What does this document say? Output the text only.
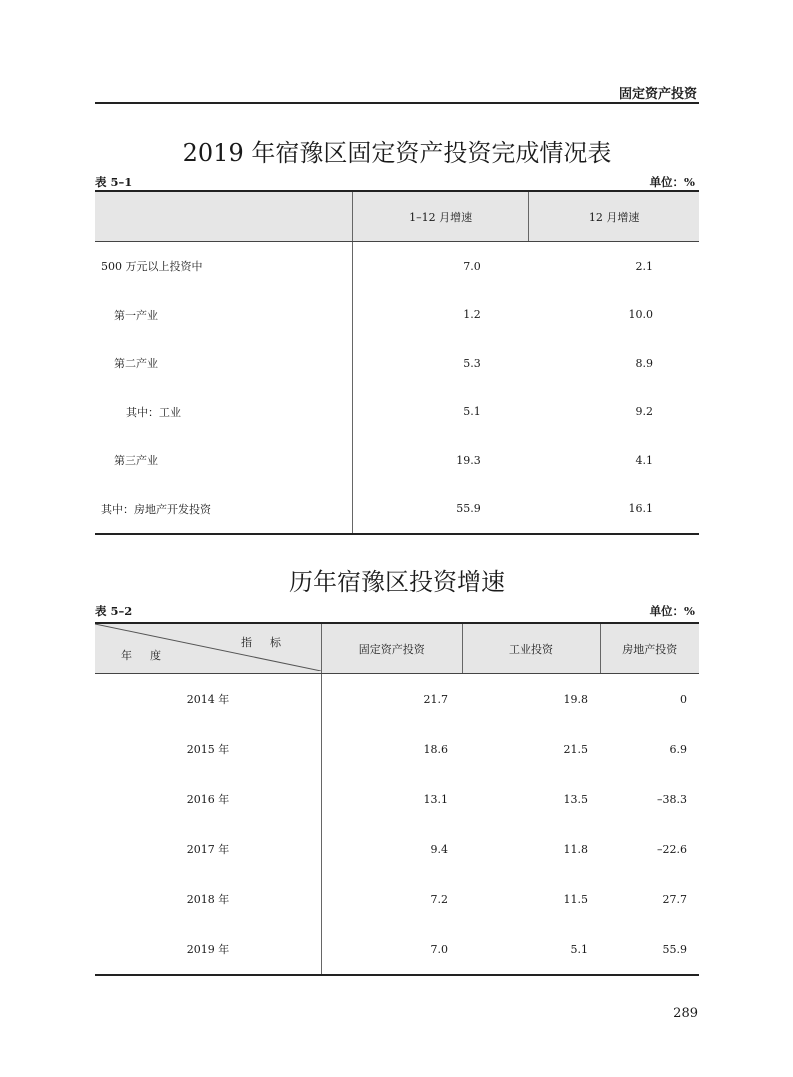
固定资产投资
2019 年宿豫区固定资产投资完成情况表
表 5–1	单位：%
	1–12 月增速	12 月增速
500 万元以上投资中	7.0	2.1
第一产业	1.2	10.0
第二产业	5.3	8.9
其中：工业	5.1	9.2
第三产业	19.3	4.1
其中：房地产开发投资	55.9	16.1
历年宿豫区投资增速
表 5–2	单位：%
指标
年度	固定资产投资	工业投资	房地产投资
2014 年	21.7	19.8	0
2015 年	18.6	21.5	6.9
2016 年	13.1	13.5	–38.3
2017 年	9.4	11.8	–22.6
2018 年	7.2	11.5	27.7
2019 年	7.0	5.1	55.9
289
